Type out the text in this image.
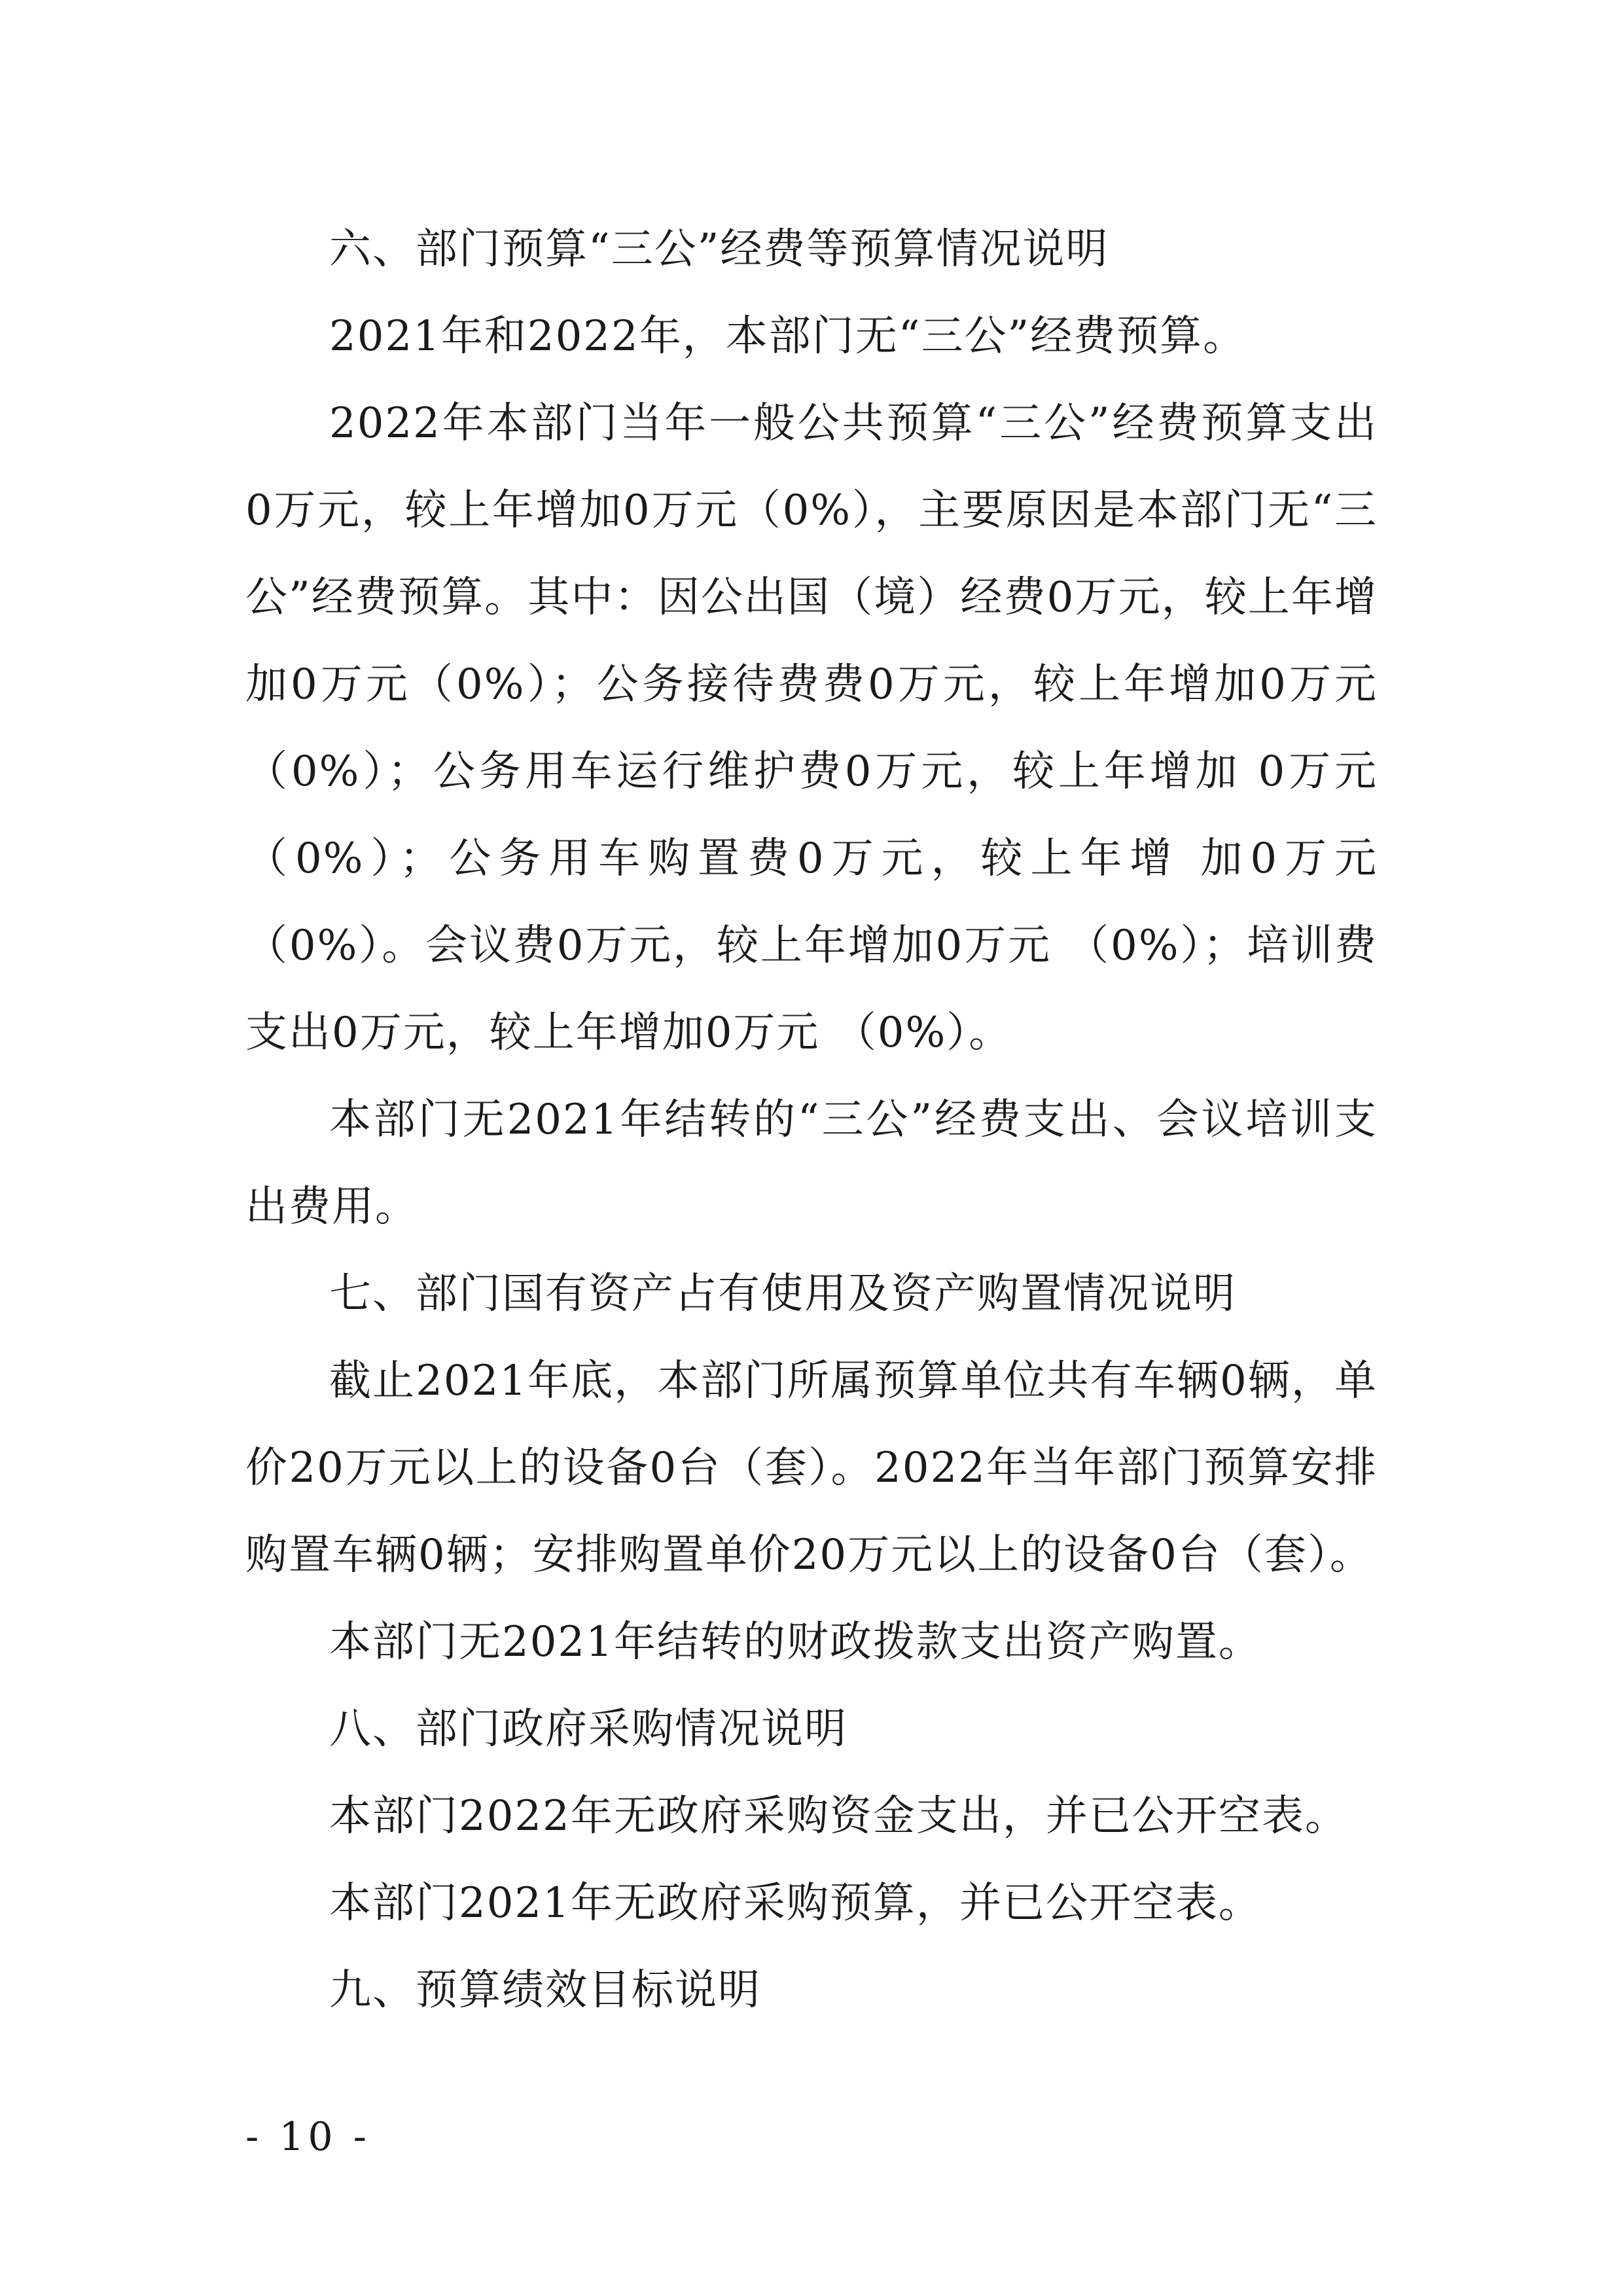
六、部门预算“三公”经费等预算情况说明

2021年和2022年，本部门无“三公”经费预算。

2022年本部门当年一般公共预算“三公”经费预算支出0万元，较上年增加0万元（0%），主要原因是本部门无“三公”经费预算。其中：因公出国（境）经费0万元，较上年增加0万元（0%）；公务接待费费0万元，较上年增加0万元 （0%）；公务用车运行维护费0万元，较上年增加 0万元（0%）；公务用车购置费0万元，较上年增 加0万元（0%）。会议费0万元，较上年增加0万元 （0%）；培训费支出0万元，较上年增加0万元 （0%）。

本部门无2021年结转的“三公”经费支出、会议培训支出费用。

七、部门国有资产占有使用及资产购置情况说明

截止2021年底，本部门所属预算单位共有车辆0辆，单价20万元以上的设备0台（套）。2022年当年部门预算安排购置车辆0辆；安排购置单价20万元以上的设备0台（套）。

本部门无2021年结转的财政拨款支出资产购置。

八、部门政府采购情况说明

本部门2022年无政府采购资金支出，并已公开空表。

本部门2021年无政府采购预算，并已公开空表。

九、预算绩效目标说明

- 10 -
